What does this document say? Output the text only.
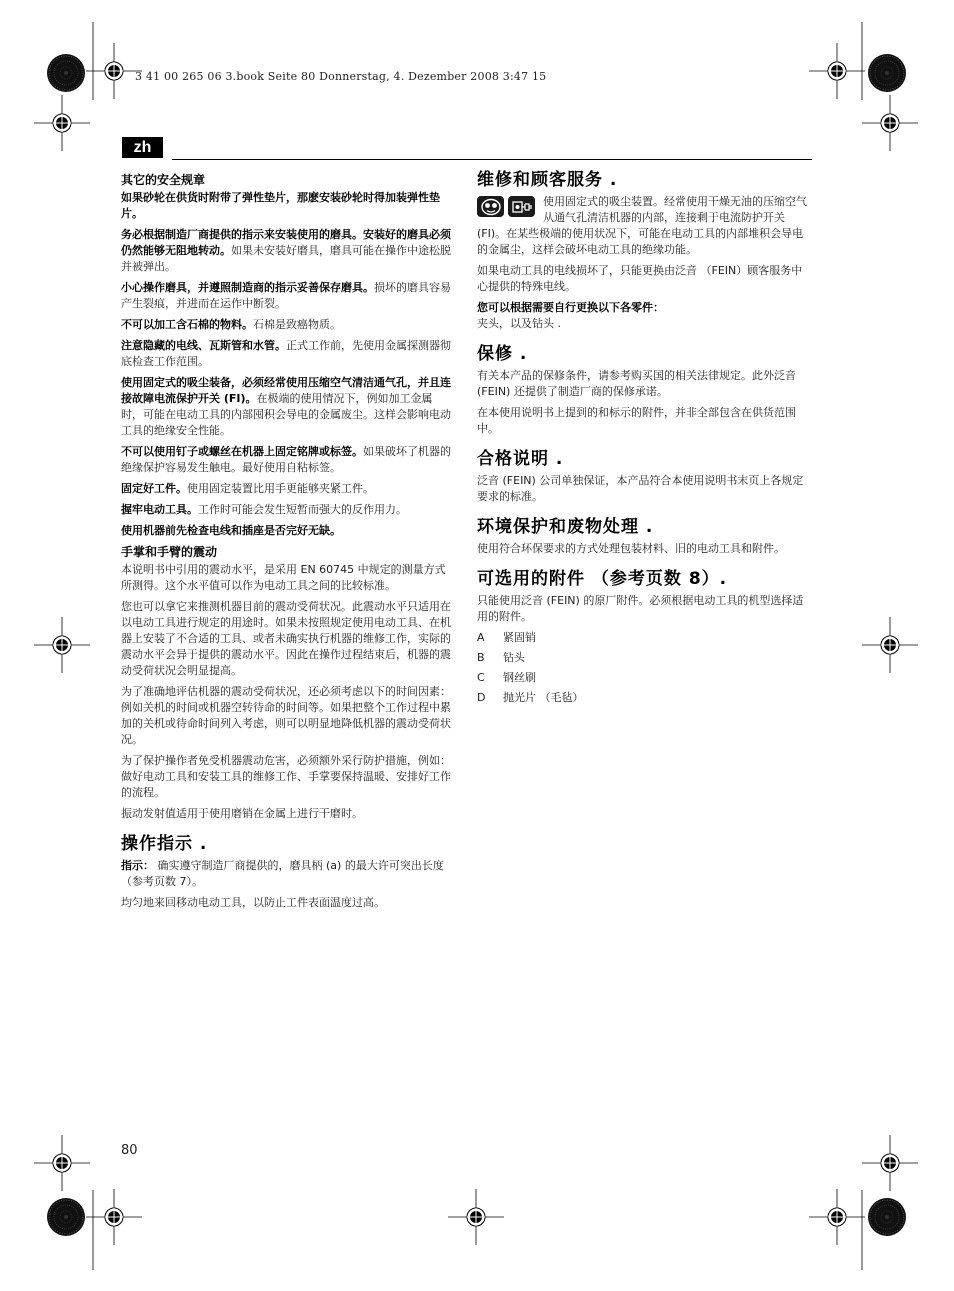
3 41 00 265 06 3.book Seite 80 Donnerstag, 4. Dezember 2008 3:47 15
zh
其它的安全规章

如果砂轮在供货时附带了弹性垫片，那麽安装砂轮时得加装弹性垫片。

务必根据制造厂商提供的指示来安装使用的磨具。安装好的磨具必须仍然能够无阻地转动。如果未安装好磨具，磨具可能在操作中途松脱并被弹出。

小心操作磨具，并遵照制造商的指示妥善保存磨具。损坏的磨具容易产生裂痕，并进而在运作中断裂。

不可以加工含石棉的物料。石棉是致癌物质。

注意隐藏的电线、瓦斯管和水管。正式工作前，先使用金属探测器彻底检查工作范围。

使用固定式的吸尘装备，必须经常使用压缩空气清洁通气孔，并且连接故障电流保护开关 (FI)。在极端的使用情况下，例如加工金属时，可能在电动工具的内部囤积会导电的金属废尘。这样会影响电动工具的绝缘安全性能。

不可以使用钉子或螺丝在机器上固定铭牌或标签。如果破坏了机器的绝缘保护容易发生触电。最好使用自粘标签。

固定好工件。使用固定装置比用手更能够夹紧工件。

握牢电动工具。工作时可能会发生短暂而强大的反作用力。

使用机器前先检查电线和插座是否完好无缺。

手掌和手臂的震动

本说明书中引用的震动水平，是采用 EN 60745 中规定的测量方式所测得。这个水平值可以作为电动工具之间的比较标准。

您也可以拿它来推测机器目前的震动受荷状况。此震动水平只适用在以电动工具进行规定的用途时。如果未按照规定使用电动工具、在机器上安装了不合适的工具、或者未确实执行机器的维修工作，实际的震动水平会异于提供的震动水平。因此在操作过程结束后，机器的震动受荷状况会明显提高。

为了准确地评估机器的震动受荷状况，还必须考虑以下的时间因素：例如关机的时间或机器空转待命的时间等。如果把整个工作过程中累加的关机或待命时间列入考虑，则可以明显地降低机器的震动受荷状况。

为了保护操作者免受机器震动危害，必须额外采行防护措施，例如：做好电动工具和安装工具的维修工作、手掌要保持温暖、安排好工作的流程。

振动发射值适用于使用磨销在金属上进行干磨时。

操作指示 .

指示： 确实遵守制造厂商提供的，磨具柄 (a) 的最大许可突出长度 （参考页数 7）。

均匀地来回移动电动工具，以防止工件表面温度过高。

维修和顾客服务 .

使用固定式的吸尘装置。经常使用干燥无油的压缩空气从通气孔清洁机器的内部，连接剩于电流防护开关 (FI)。在某些极端的使用状况下，可能在电动工具的内部堆积会导电的金属尘，这样会破坏电动工具的绝缘功能。

如果电动工具的电线损坏了，只能更换由泛音 （FEIN）顾客服务中心提供的特殊电线。

您可以根据需要自行更换以下各零件：
夹头，以及钻头 .

保修 .

有关本产品的保修条件，请参考购买国的相关法律规定。此外泛音 (FEIN) 还提供了制造厂商的保修承诺。

在本使用说明书上提到的和标示的附件，并非全部包含在供货范围中。

合格说明 .

泛音 (FEIN) 公司单独保证，本产品符合本使用说明书末页上各规定要求的标准。

环境保护和废物处理 .

使用符合环保要求的方式处理包装材料、旧的电动工具和附件。

可选用的附件 （参考页数 8）.

只能使用泛音 (FEIN) 的原厂附件。必须根据电动工具的机型选择适用的附件。

A	紧固销
B	钻头
C	钢丝刷
D	抛光片 （毛毡）
80
